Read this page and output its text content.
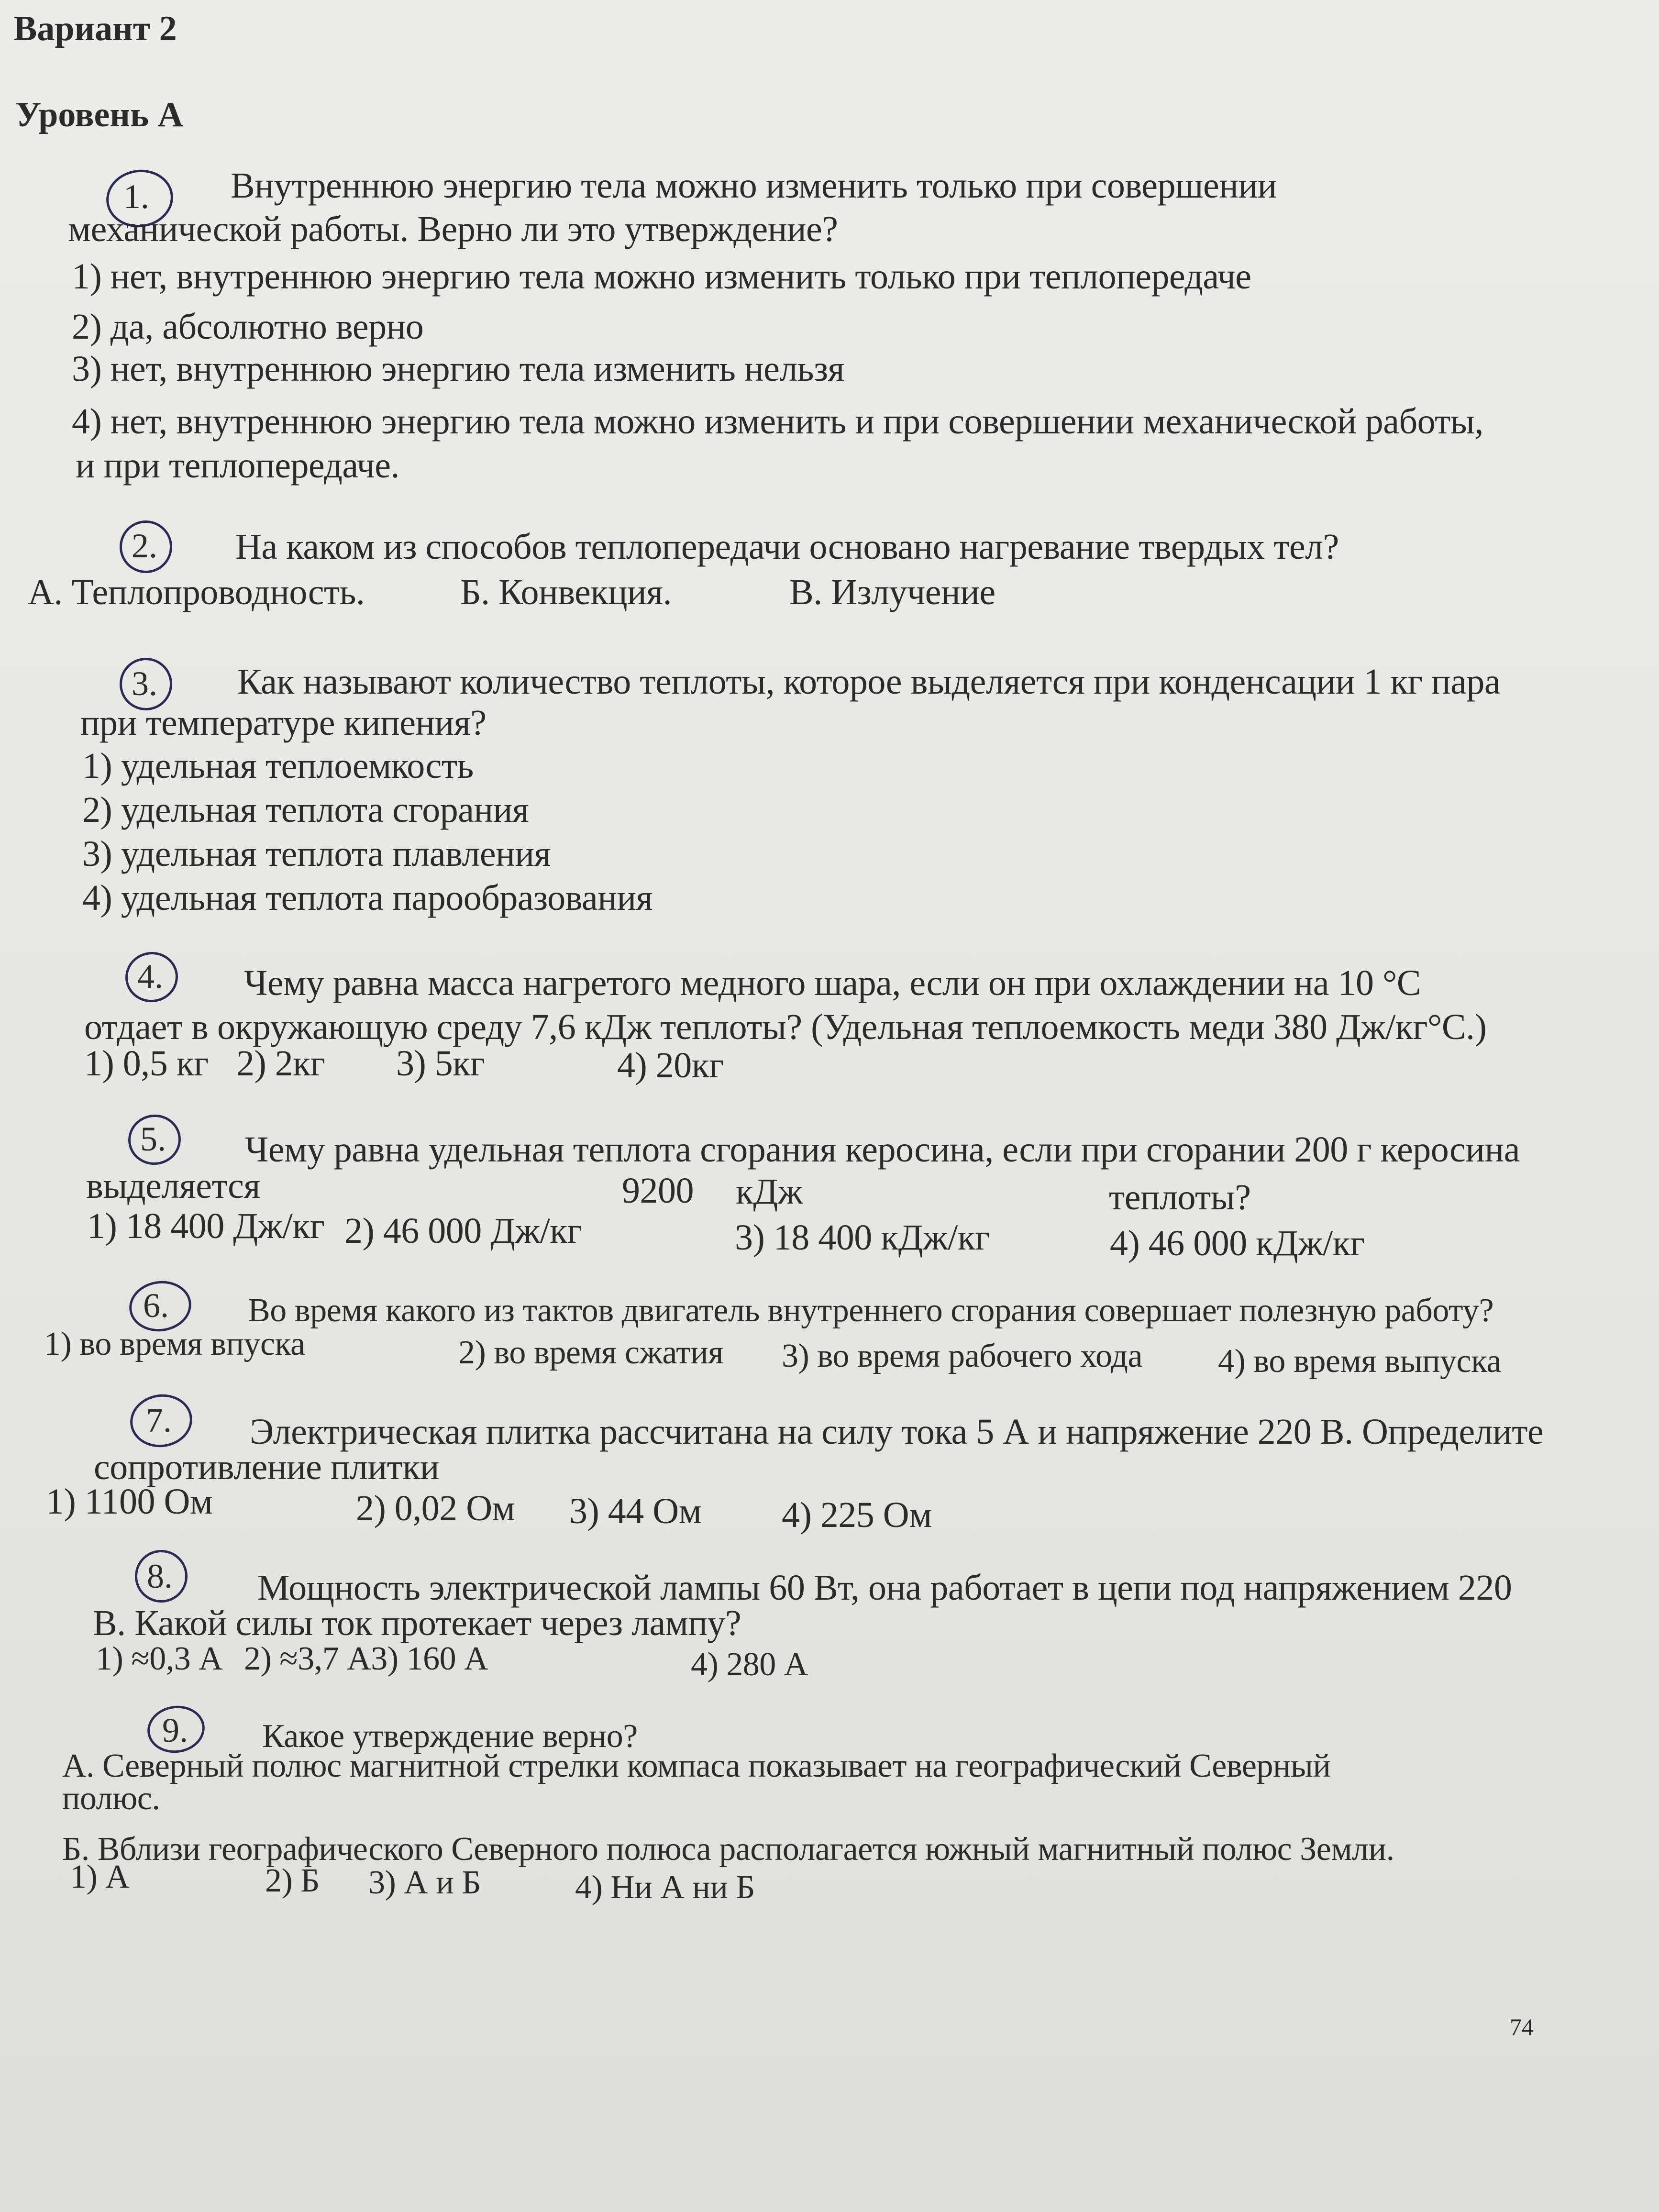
Вариант 2
Уровень А
1.	Внутреннюю энергию тела можно изменить только при совершении
механической работы. Верно ли это утверждение?
1) нет, внутреннюю энергию тела можно изменить только при теплопередаче
2) да, абсолютно верно
3) нет, внутреннюю энергию тела изменить нельзя
4) нет, внутреннюю энергию тела можно изменить и при совершении механической работы,
и при теплопередаче.
2.	На каком из способов теплопередачи основано нагревание твердых тел?
А. Теплопроводность.	Б. Конвекция.	В. Излучение
3.	Как называют количество теплоты, которое выделяется при конденсации 1 кг пара
при температуре кипения?
1) удельная теплоемкость
2) удельная теплота сгорания
3) удельная теплота плавления
4) удельная теплота парообразования
4.	Чему равна масса нагретого медного шара, если он при охлаждении на 10 °С
отдает в окружающую среду 7,6 кДж теплоты? (Удельная теплоемкость меди 380 Дж/кг°С.)
1) 0,5 кг 2) 2кг 3) 5кг	4) 20кг
5.	Чему равна удельная теплота сгорания керосина, если при сгорании 200 г керосина
выделяется	9200 кДж	теплоты?
1) 18 400 Дж/кг 2) 46 000 Дж/кг	3) 18 400 кДж/кг	4) 46 000 кДж/кг
6.	Во время какого из тактов двигатель внутреннего сгорания совершает полезную работу?
1) во время впуска	2) во время сжатия 3) во время рабочего хода 4) во время выпуска
7.	Электрическая плитка рассчитана на силу тока 5 А и напряжение 220 В. Определите
сопротивление плитки
1) 1100 Ом	2) 0,02 Ом 3) 44 Ом 4) 225 Ом
8.	Мощность электрической лампы 60 Вт, она работает в цепи под напряжением 220
В. Какой силы ток протекает через лампу?
1) ≈0,3 А 2) ≈3,7 А3) 160 А	4) 280 А
9.	Какое утверждение верно?
А. Северный полюс магнитной стрелки компаса показывает на географический Северный
полюс.
Б. Вблизи географического Северного полюса располагается южный магнитный полюс Земли.
1) А	2) Б 3) А и Б	4) Ни А ни Б
74
